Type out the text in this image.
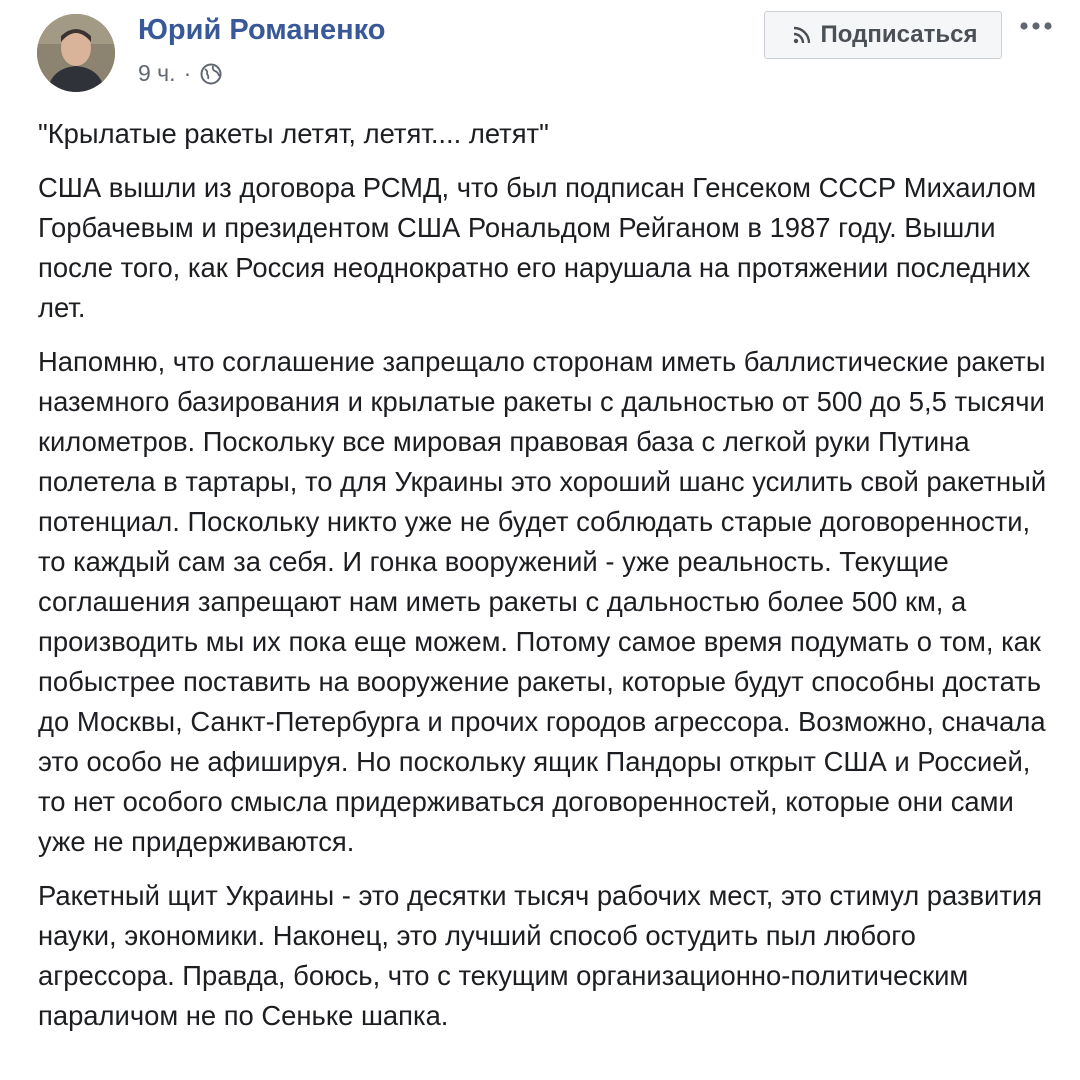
Юрий Романенко
9 ч. ·
Подписаться

"Крылатые ракеты летят, летят.... летят"

США вышли из договора РСМД, что был подписан Генсеком СССР Михаилом Горбачевым и президентом США Рональдом Рейганом в 1987 году. Вышли после того, как Россия неоднократно его нарушала на протяжении последних лет.

Напомню, что соглашение запрещало сторонам иметь баллистические ракеты наземного базирования и крылатые ракеты с дальностью от 500 до 5,5 тысячи километров. Поскольку все мировая правовая база с легкой руки Путина полетела в тартары, то для Украины это хороший шанс усилить свой ракетный потенциал. Поскольку никто уже не будет соблюдать старые договоренности, то каждый сам за себя. И гонка вооружений - уже реальность. Текущие соглашения запрещают нам иметь ракеты с дальностью более 500 км, а производить мы их пока еще можем. Потому самое время подумать о том, как побыстрее поставить на вооружение ракеты, которые будут способны достать до Москвы, Санкт-Петербурга и прочих городов агрессора. Возможно, сначала это особо не афишируя. Но поскольку ящик Пандоры открыт США и Россией, то нет особого смысла придерживаться договоренностей, которые они сами уже не придерживаются.

Ракетный щит Украины - это десятки тысяч рабочих мест, это стимул развития науки, экономики. Наконец, это лучший способ остудить пыл любого агрессора. Правда, боюсь, что с текущим организационно-политическим параличом не по Сеньке шапка.
